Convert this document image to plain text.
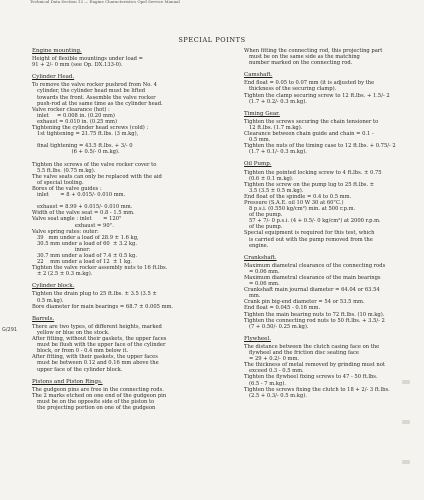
Technical Data Section 13 — Engine Characteristics Opel Service Manual
SPECIAL POINTS
G/291
Engine mounting.
Height of flexible mountings under load =
91 + 2/- 0 mm (see Op. DX.133-0).
Cylinder Head.
To remove the valve rocker pushrod from No. 4
cylinder, the cylinder head must be lifted
towards the front. Assemble the valve rocker
push-rod at the same time as the cylinder head.
Valve rocker clearance (hot) :
inlet     = 0.008 in. (0.20 mm)
exhaust = 0.010 in. (0.25 mm)
Tightening the cylinder head screws (cold) :
1st tightening = 21.75 ft.lbs. (3 m.kg),
final tightening = 43.5 ft.lbs. + 3/- 0
(6 + 0.5/- 0 m.kg).
Tighten the screws of the valve rocker cover to
5.5 ft.lbs. (0.75 m.kg).
The valve seats can only be replaced with the aid
of special tooling.
Bores of the valve guides :
inlet       = 8 + 0.015/- 0.010 mm.
exhaust = 8.99 + 0.015/- 0.010 mm.
Width of the valve seat = 0.8 - 1.5 mm.
Valve seat angle : inlet       = 120°
exhaust = 90°.
Valve spring rates: outer:
39   mm under a load of 28.9 ± 1.6 kg,
30.5 mm under a load of 60  ± 3.2 kg.
inner:
30.7 mm under a load of 7.4 ± 0.5 kg.
22    mm under a load of 12  ± 1 kg.
Tighten the valve rocker assembly nuts to 16 ft.lbs.
± 2 (2.5 ± 0.3 m.kg).
Cylinder block.
Tighten the drain plug to 25 ft.lbs. ± 3.5 (3.5 ±
0.5 m.kg).
Bore diameter for main bearings = 68.7 ± 0.005 mm.
Barrels.
There are two types, of different heights, marked
yellow or blue on the stock.
After fitting, without their gaskets, the upper faces
must be flush with the upper face of the cylinder
block, or from 0 - 0.4 mm below it.
After fitting, with their gaskets, the upper faces
must be between 0.12 and 0.16 mm above the
upper face of the cylinder block.
Pistons and Piston Rings.
The gudgeon pins are free in the connecting rods.
The 2 marks etched on one end of the gudgeon pin
must be on the opposite side of the piston to
the projecting portion on one of the gudgeon
When fitting the connecting rod, this projecting part
must be on the same side as the matching
number marked on the connecting rod.
Camshaft.
End float = 0.05 to 0.07 mm (it is adjusted by the
thickness of the securing clamp).
Tighten the clamp securing screw to 12 ft.lbs. + 1.5/- 2
(1.7 + 0.2/- 0.3 m.kg).
Timing Gear.
Tighten the screws securing the chain tensioner to
12 ft.lbs. (1.7 m.kg).
Clearance between chain guide and chain = 0.1 -
0.5 mm.
Tighten the nuts of the timing case to 12 ft.lbs. + 0.75/- 2
(1.7 + 0.1/- 0.3 m.kg).
Oil Pump.
Tighten the pointed locking screw to 4 ft.lbs. ± 0.75
(0.6 ± 0.1 m.kg).
Tighten the screw on the pump lug to 25 ft.lbs. ±
3.5 (3.5 ± 0.5 m.kg).
End float of the spindle = 0.4 to 0.5 mm.
Pressure (S.A.E. oil 10 W 30 at 60°C.)
8 p.s.i. (0.550 kg/cm²) min. at 500 r.p.m.
of the pump.
57 + 7/- 0 p.s.i. (4 + 0.5/- 0 kg/cm²) at 2000 r.p.m.
of the pump.
Special equipment is required for this test, which
is carried out with the pump removed from the
engine.
Crankshaft.
Maximum diametral clearance of the connecting rods
= 0.06 mm.
Maximum diametral clearance of the main bearings
= 0.06 mm.
Crankshaft main journal diameter = 64.04 or 63.54
mm.
Crank pin big-end diameter = 54 or 53.5 mm.
End float = 0.045 - 0.16 mm.
Tighten the main bearing nuts to 72 ft.lbs. (10 m.kg).
Tighten the connecting rod nuts to 50 ft.lbs. + 3.5/- 2
(7 + 0.50/- 0.25 m.kg).
Flywheel.
The distance between the clutch casing face on the
flywheel and the friction disc seating face
= 29 + 0.2/- 0 mm.
The thickness of metal removed by grinding must not
exceed 0.3 - 0.5 mm.
Tighten the flywheel fixing screws to 47 - 50 ft.lbs.
(6.5 - 7 m.kg).
Tighten the screws fixing the clutch to 18 + 2/- 3 ft.lbs.
(2.5 + 0.3/- 0.5 m.kg).
